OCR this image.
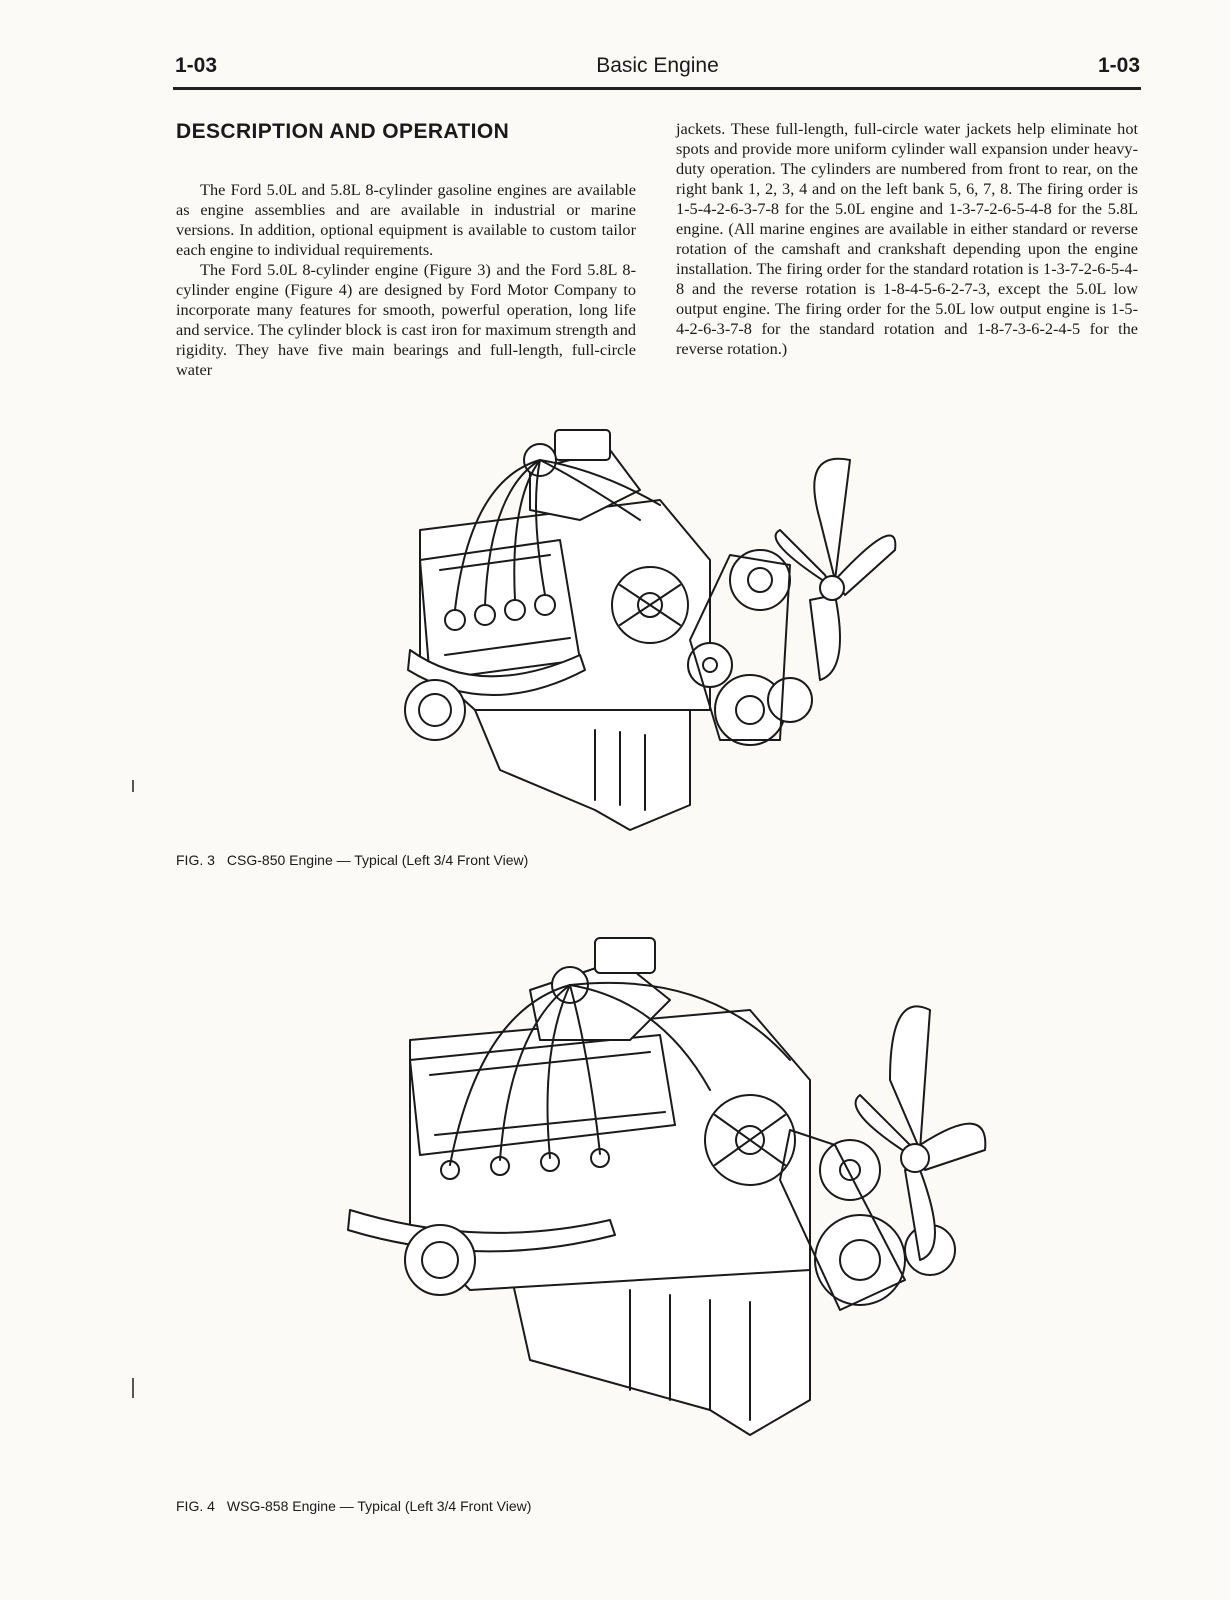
1-03	Basic Engine	1-03
DESCRIPTION AND OPERATION

The Ford 5.0L and 5.8L 8-cylinder gasoline engines are available as engine assemblies and are available in industrial or marine versions. In addition, optional equipment is available to custom tailor each engine to individual requirements.

The Ford 5.0L 8-cylinder engine (Figure 3) and the Ford 5.8L 8-cylinder engine (Figure 4) are designed by Ford Motor Company to incorporate many features for smooth, powerful operation, long life and service. The cylinder block is cast iron for maximum strength and rigidity. They have five main bearings and full-length, full-circle water

jackets. These full-length, full-circle water jackets help eliminate hot spots and provide more uniform cylinder wall expansion under heavy-duty operation. The cylinders are numbered from front to rear, on the right bank 1, 2, 3, 4 and on the left bank 5, 6, 7, 8. The firing order is 1-5-4-2-6-3-7-8 for the 5.0L engine and 1-3-7-2-6-5-4-8 for the 5.8L engine. (All marine engines are available in either standard or reverse rotation of the camshaft and crankshaft depending upon the engine installation. The firing order for the standard rotation is 1-3-7-2-6-5-4-8 and the reverse rotation is 1-8-4-5-6-2-7-3, except the 5.0L low output engine. The firing order for the 5.0L low output engine is 1-5-4-2-6-3-7-8 for the standard rotation and 1-8-7-3-6-2-4-5 for the reverse rotation.)

FIG. 3 CSG-850 Engine — Typical (Left 3/4 Front View)
FIG. 4 WSG-858 Engine — Typical (Left 3/4 Front View)
